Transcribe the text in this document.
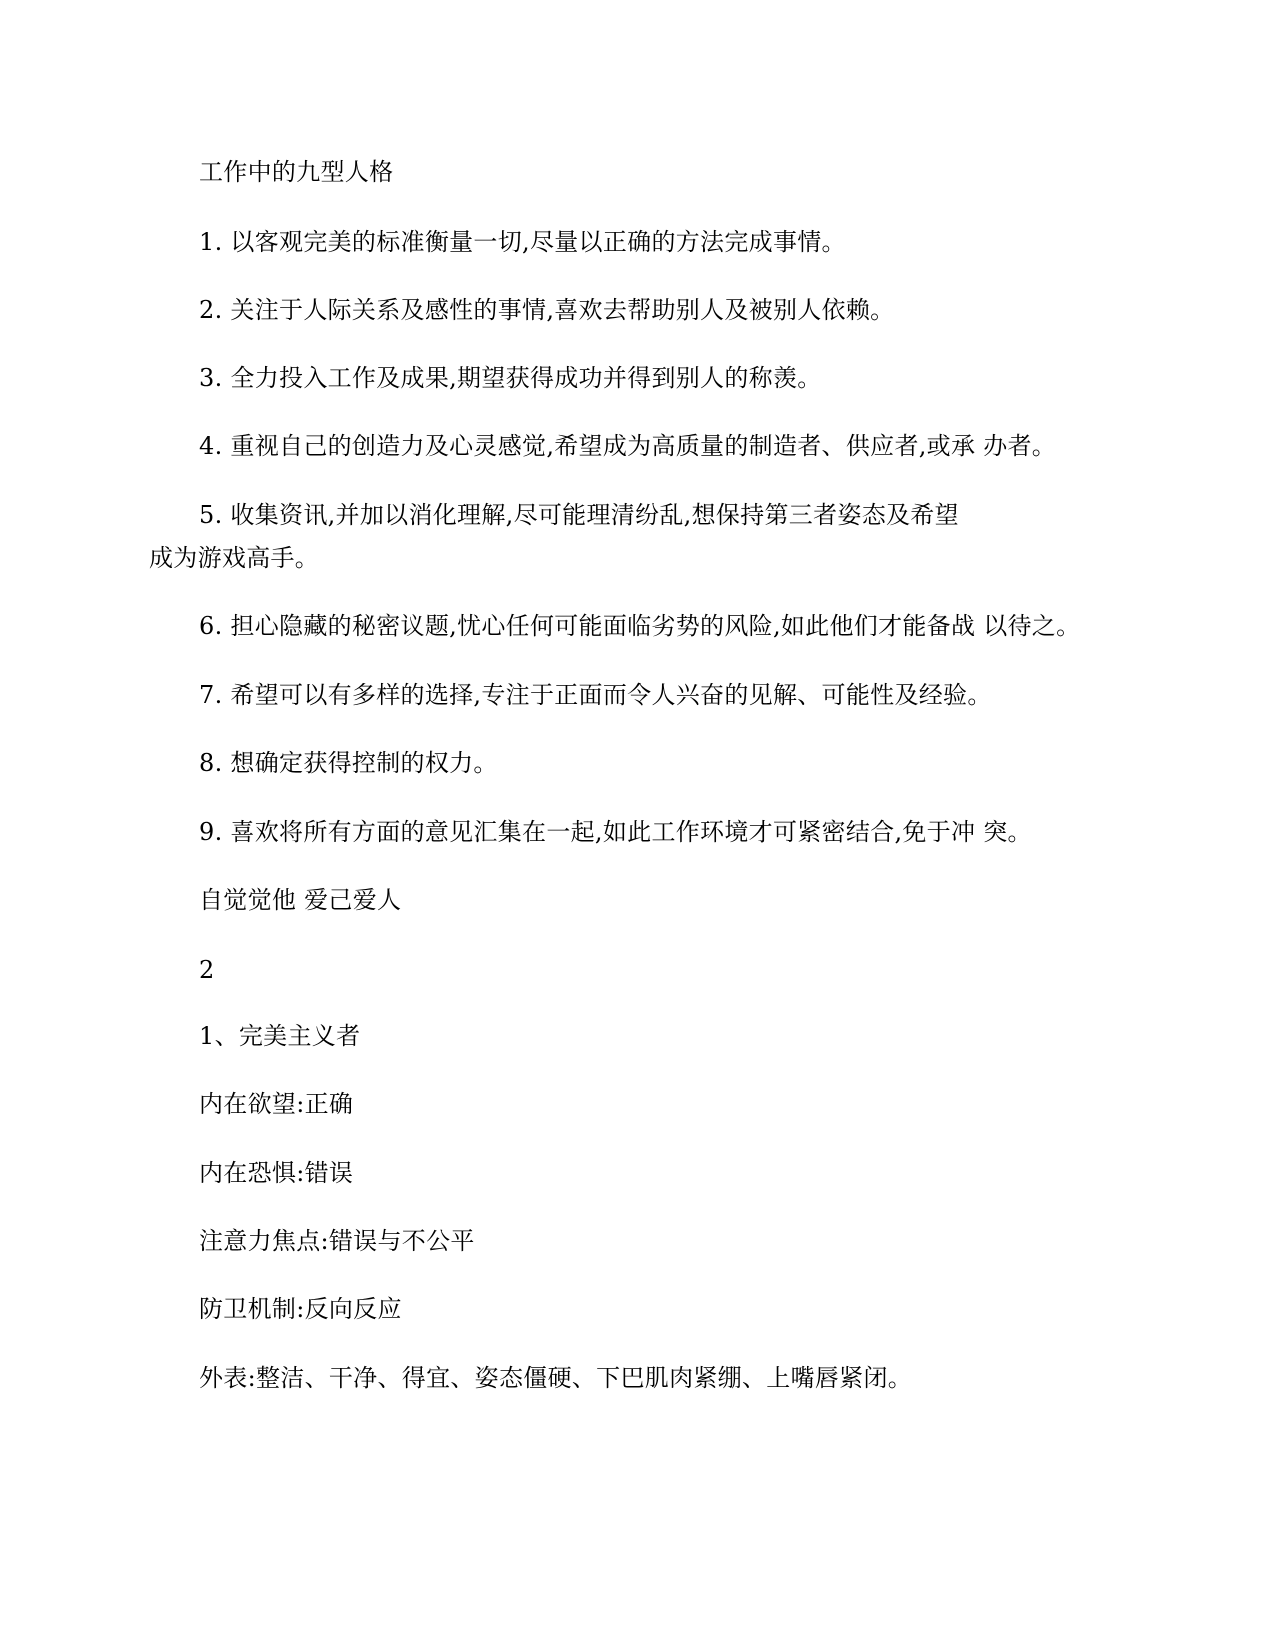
工作中的九型人格
1. 以客观完美的标准衡量一切,尽量以正确的方法完成事情。
2. 关注于人际关系及感性的事情,喜欢去帮助别人及被别人依赖。
3. 全力投入工作及成果,期望获得成功并得到别人的称羡。
4. 重视自己的创造力及心灵感觉,希望成为高质量的制造者、供应者,或承 办者。
5. 收集资讯,并加以消化理解,尽可能理清纷乱,想保持第三者姿态及希望
成为游戏高手。
6. 担心隐藏的秘密议题,忧心任何可能面临劣势的风险,如此他们才能备战 以待之。
7. 希望可以有多样的选择,专注于正面而令人兴奋的见解、可能性及经验。
8. 想确定获得控制的权力。
9. 喜欢将所有方面的意见汇集在一起,如此工作环境才可紧密结合,免于冲 突。
自觉觉他 爱己爱人
2
1、完美主义者
内在欲望:正确
内在恐惧:错误
注意力焦点:错误与不公平
防卫机制:反向反应
外表:整洁、干净、得宜、姿态僵硬、下巴肌肉紧绷、上嘴唇紧闭。
